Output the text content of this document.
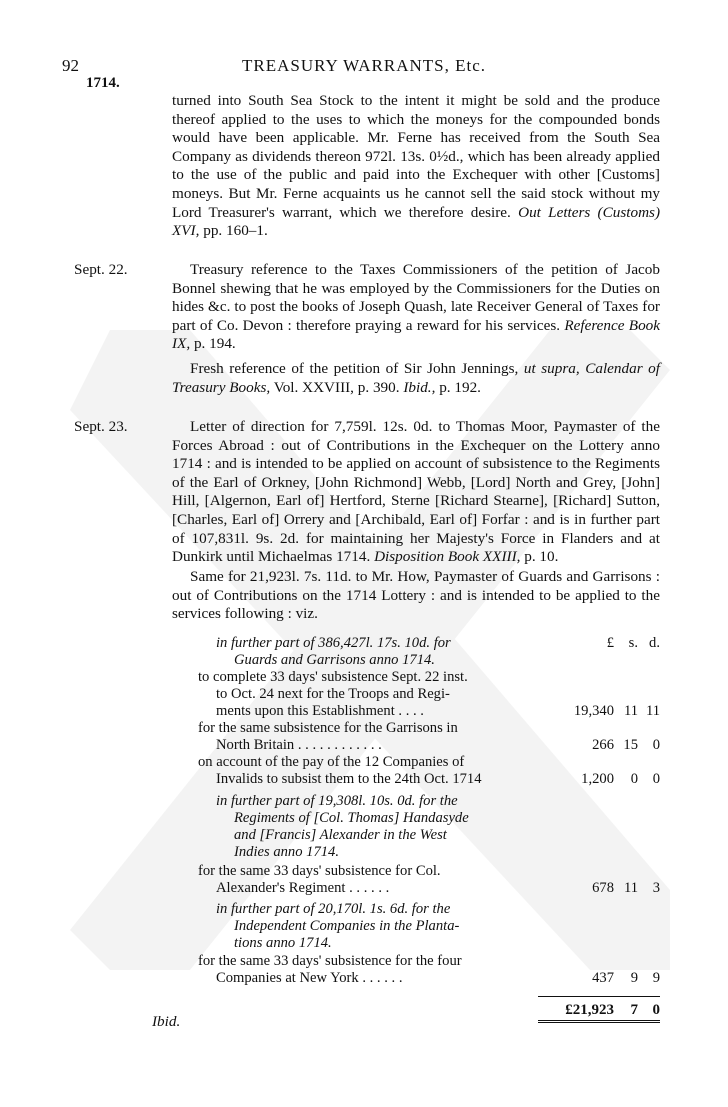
92	TREASURY WARRANTS, Etc.
1714.

turned into South Sea Stock to the intent it might be sold and the produce thereof applied to the uses to which the moneys for the compounded bonds would have been applicable. Mr. Ferne has received from the South Sea Company as dividends thereon 972l. 13s. 0½d., which has been already applied to the use of the public and paid into the Exchequer with other [Customs] moneys. But Mr. Ferne acquaints us he cannot sell the said stock without my Lord Treasurer's warrant, which we therefore desire. Out Letters (Customs) XVI, pp. 160–1.

Sept. 22.	Treasury reference to the Taxes Commissioners of the petition of Jacob Bonnel shewing that he was employed by the Commissioners for the Duties on hides &c. to post the books of Joseph Quash, late Receiver General of Taxes for part of Co. Devon : therefore praying a reward for his services. Reference Book IX, p. 194.

Fresh reference of the petition of Sir John Jennings, ut supra, Calendar of Treasury Books, Vol. XXVIII, p. 390. Ibid., p. 192.

Sept. 23.	Letter of direction for 7,759l. 12s. 0d. to Thomas Moor, Paymaster of the Forces Abroad : out of Contributions in the Exchequer on the Lottery anno 1714 : and is intended to be applied on account of subsistence to the Regiments of the Earl of Orkney, [John Richmond] Webb, [Lord] North and Grey, [John] Hill, [Algernon, Earl of] Hertford, Sterne [Richard Stearne], [Richard] Sutton, [Charles, Earl of] Orrery and [Archibald, Earl of] Forfar : and is in further part of 107,831l. 9s. 2d. for maintaining her Majesty's Force in Flanders and at Dunkirk until Michaelmas 1714. Disposition Book XXIII, p. 10.

Same for 21,923l. 7s. 11d. to Mr. How, Paymaster of Guards and Garrisons : out of Contributions on the 1714 Lottery : and is intended to be applied to the services following : viz.

in further part of 386,427l. 17s. 10d. for
Guards and Garrisons anno 1714.
£	s. d.
to complete 33 days' subsistence Sept. 22 inst.
to Oct. 24 next for the Troops and Regi-
ments upon this Establishment . . . .	19,340 11 11
for the same subsistence for the Garrisons in
North Britain . . . . . . . . . . . .	266 15	0
on account of the pay of the 12 Companies of
Invalids to subsist them to the 24th Oct. 1714	1,200	0	0
in further part of 19,308l. 10s. 0d. for the
Regiments of [Col. Thomas] Handasyde
and [Francis] Alexander in the West
Indies anno 1714.
for the same 33 days' subsistence for Col.
Alexander's Regiment . . . . . .	678 11	3
in further part of 20,170l. 1s. 6d. for the
Independent Companies in the Planta-
tions anno 1714.
for the same 33 days' subsistence for the four
Companies at New York . . . . . .	437	9	9
£21,923	7 0
Ibid.
